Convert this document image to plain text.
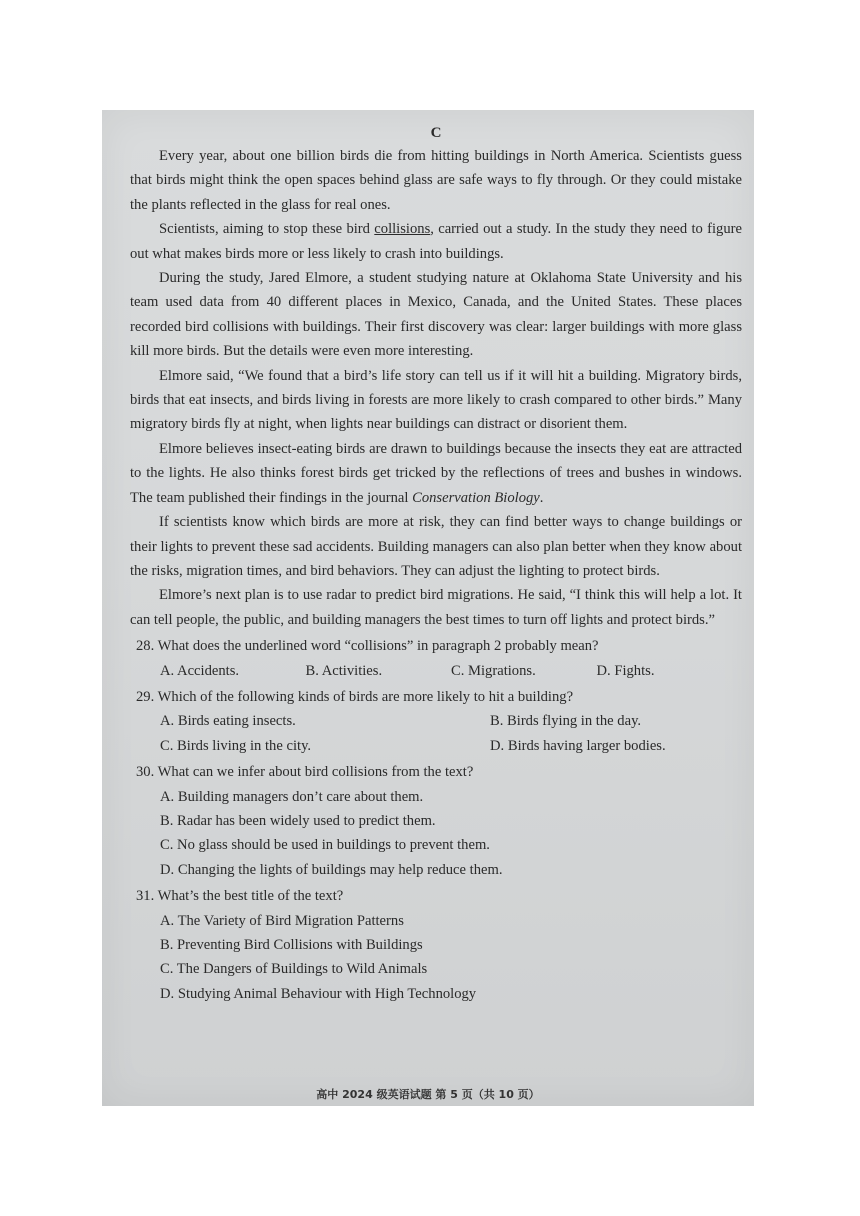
C

Every year, about one billion birds die from hitting buildings in North America. Scientists guess that birds might think the open spaces behind glass are safe ways to fly through. Or they could mistake the plants reflected in the glass for real ones.

Scientists, aiming to stop these bird collisions, carried out a study. In the study they need to figure out what makes birds more or less likely to crash into buildings.

During the study, Jared Elmore, a student studying nature at Oklahoma State University and his team used data from 40 different places in Mexico, Canada, and the United States. These places recorded bird collisions with buildings. Their first discovery was clear: larger buildings with more glass kill more birds. But the details were even more interesting.

Elmore said, “We found that a bird’s life story can tell us if it will hit a building. Migratory birds, birds that eat insects, and birds living in forests are more likely to crash compared to other birds.” Many migratory birds fly at night, when lights near buildings can distract or disorient them.

Elmore believes insect-eating birds are drawn to buildings because the insects they eat are attracted to the lights. He also thinks forest birds get tricked by the reflections of trees and bushes in windows. The team published their findings in the journal Conservation Biology.

If scientists know which birds are more at risk, they can find better ways to change buildings or their lights to prevent these sad accidents. Building managers can also plan better when they know about the risks, migration times, and bird behaviors. They can adjust the lighting to protect birds.

Elmore’s next plan is to use radar to predict bird migrations. He said, “I think this will help a lot. It can tell people, the public, and building managers the best times to turn off lights and protect birds.”

28. What does the underlined word “collisions” in paragraph 2 probably mean?
A. Accidents.	B. Activities.	C. Migrations.	D. Fights.
29. Which of the following kinds of birds are more likely to hit a building?
A. Birds eating insects.	B. Birds flying in the day.
C. Birds living in the city.	D. Birds having larger bodies.
30. What can we infer about bird collisions from the text?
A. Building managers don’t care about them.
B. Radar has been widely used to predict them.
C. No glass should be used in buildings to prevent them.
D. Changing the lights of buildings may help reduce them.
31. What’s the best title of the text?
A. The Variety of Bird Migration Patterns
B. Preventing Bird Collisions with Buildings
C. The Dangers of Buildings to Wild Animals
D. Studying Animal Behaviour with High Technology
高中 2024 级英语试题 第 5 页（共 10 页）
